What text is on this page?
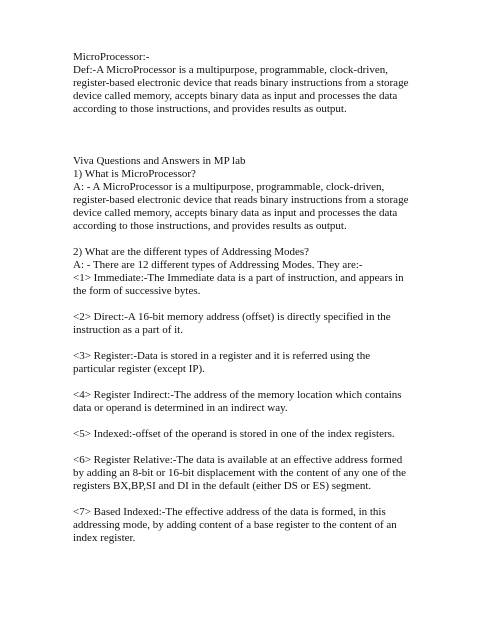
MicroProcessor:-
Def:-A MicroProcessor is a multipurpose, programmable, clock-driven,
register-based electronic device that reads binary instructions from a storage
device called memory, accepts binary data as input and processes the data
according to those instructions, and provides results as output.
Viva Questions and Answers in MP lab
1) What is MicroProcessor?
A: - A MicroProcessor is a multipurpose, programmable, clock-driven,
register-based electronic device that reads binary instructions from a storage
device called memory, accepts binary data as input and processes the data
according to those instructions, and provides results as output.
2) What are the different types of Addressing Modes?
A: - There are 12 different types of Addressing Modes. They are:-
<1> Immediate:-The Immediate data is a part of instruction, and appears in
the form of successive bytes.
<2> Direct:-A 16-bit memory address (offset) is directly specified in the
instruction as a part of it.
<3> Register:-Data is stored in a register and it is referred using the
particular register (except IP).
<4> Register Indirect:-The address of the memory location which contains
data or operand is determined in an indirect way.
<5> Indexed:-offset of the operand is stored in one of the index registers.
<6> Register Relative:-The data is available at an effective address formed
by adding an 8-bit or 16-bit displacement with the content of any one of the
registers BX,BP,SI and DI in the default (either DS or ES) segment.
<7> Based Indexed:-The effective address of the data is formed, in this
addressing mode, by adding content of a base register to the content of an
index register.
